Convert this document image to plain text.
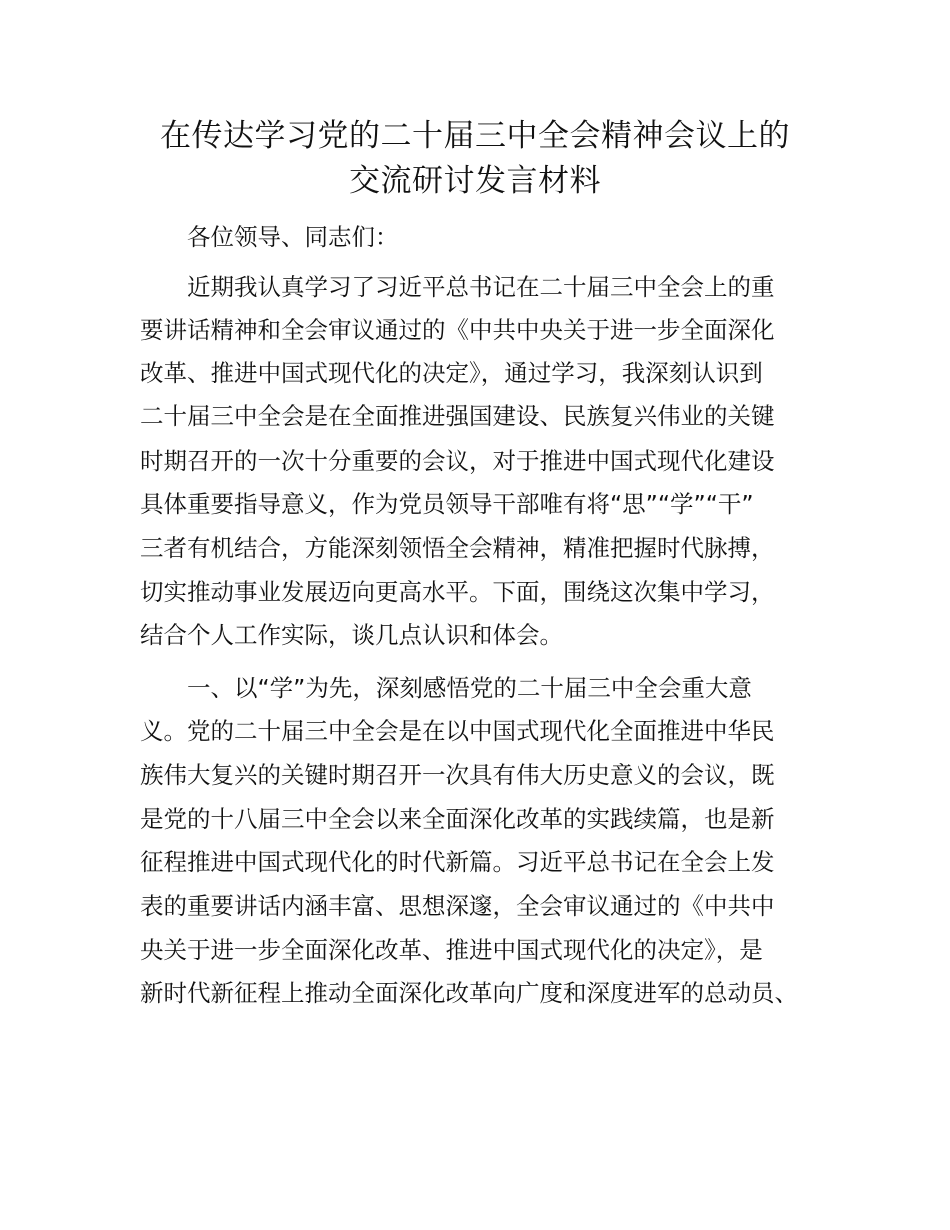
在传达学习党的二十届三中全会精神会议上的
交流研讨发言材料
各位领导、同志们：
近期我认真学习了习近平总书记在二十届三中全会上的重
要讲话精神和全会审议通过的《中共中央关于进一步全面深化
改革、推进中国式现代化的决定》，通过学习，我深刻认识到
二十届三中全会是在全面推进强国建设、民族复兴伟业的关键
时期召开的一次十分重要的会议，对于推进中国式现代化建设
具体重要指导意义，作为党员领导干部唯有将“思”“学”“干”
三者有机结合，方能深刻领悟全会精神，精准把握时代脉搏，
切实推动事业发展迈向更高水平。下面，围绕这次集中学习，
结合个人工作实际，谈几点认识和体会。
一、以“学”为先，深刻感悟党的二十届三中全会重大意
义。党的二十届三中全会是在以中国式现代化全面推进中华民
族伟大复兴的关键时期召开一次具有伟大历史意义的会议，既
是党的十八届三中全会以来全面深化改革的实践续篇，也是新
征程推进中国式现代化的时代新篇。习近平总书记在全会上发
表的重要讲话内涵丰富、思想深邃，全会审议通过的《中共中
央关于进一步全面深化改革、推进中国式现代化的决定》，是
新时代新征程上推动全面深化改革向广度和深度进军的总动员、
